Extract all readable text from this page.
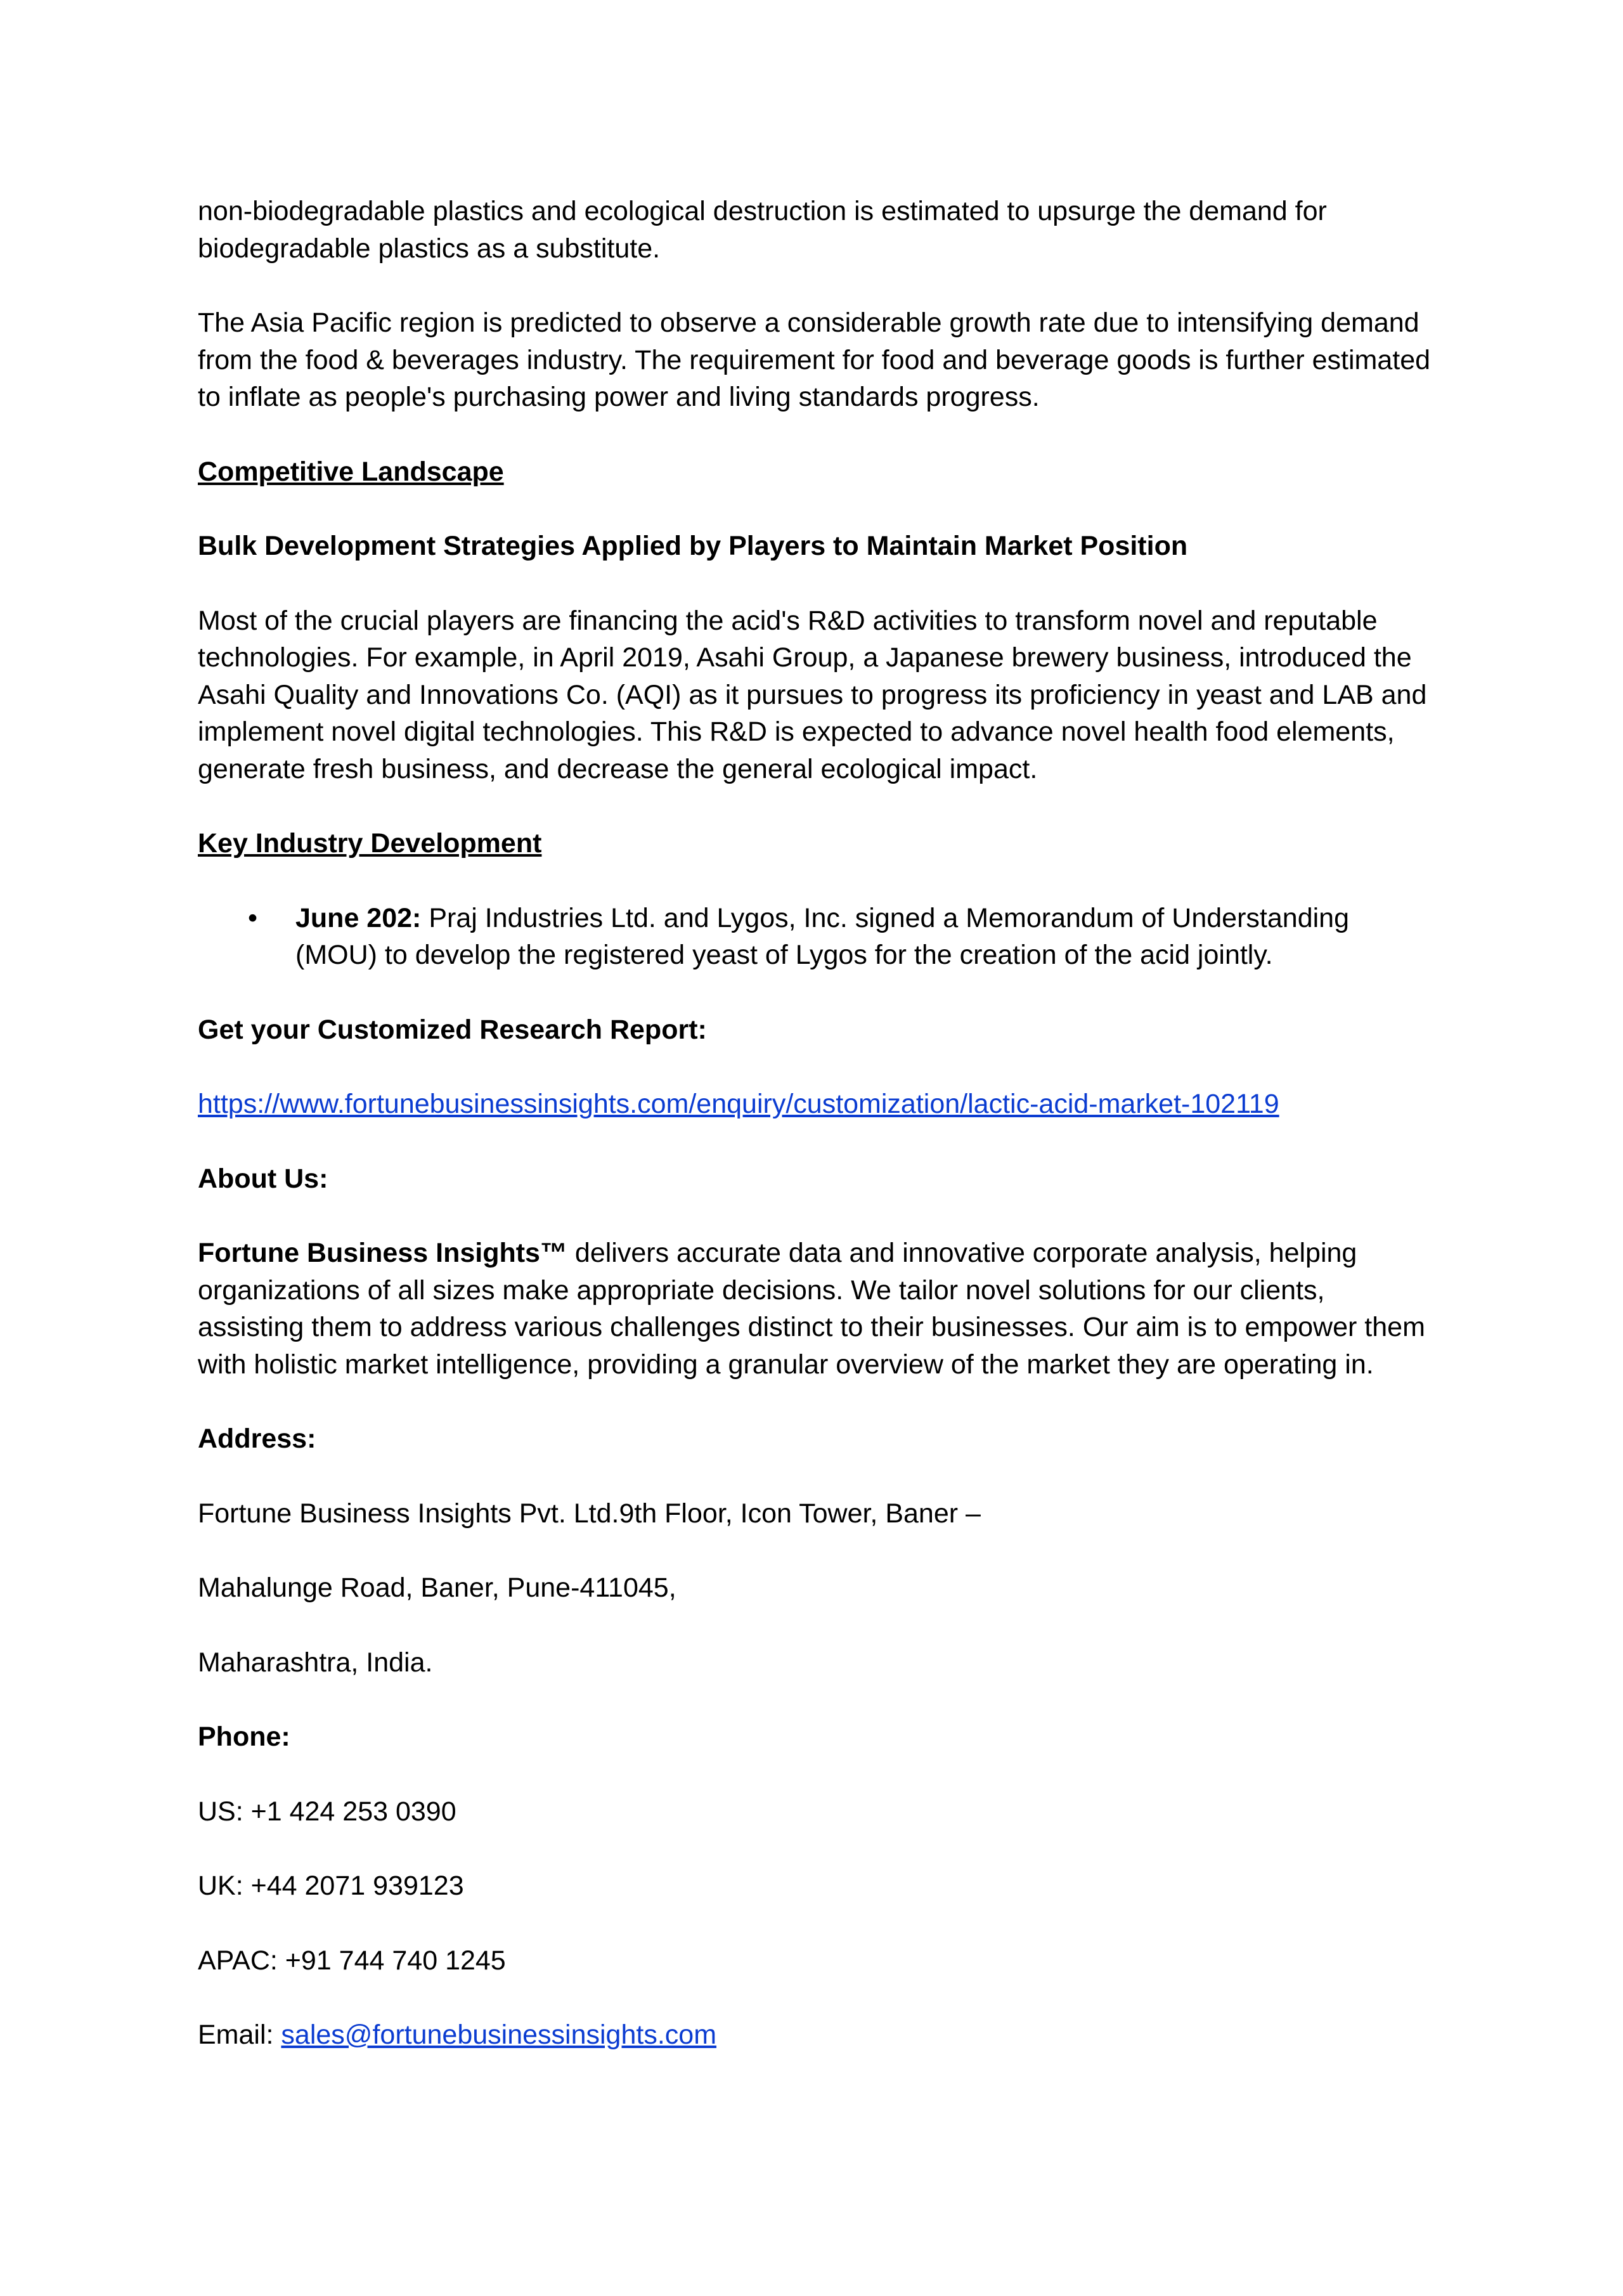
non-biodegradable plastics and ecological destruction is estimated to upsurge the demand for biodegradable plastics as a substitute.

The Asia Pacific region is predicted to observe a considerable growth rate due to intensifying demand from the food & beverages industry. The requirement for food and beverage goods is further estimated to inflate as people's purchasing power and living standards progress.

Competitive Landscape

Bulk Development Strategies Applied by Players to Maintain Market Position

Most of the crucial players are financing the acid's R&D activities to transform novel and reputable technologies. For example, in April 2019, Asahi Group, a Japanese brewery business, introduced the Asahi Quality and Innovations Co. (AQI) as it pursues to progress its proficiency in yeast and LAB and implement novel digital technologies. This R&D is expected to advance novel health food elements, generate fresh business, and decrease the general ecological impact.

Key Industry Development

• June 202: Praj Industries Ltd. and Lygos, Inc. signed a Memorandum of Understanding (MOU) to develop the registered yeast of Lygos for the creation of the acid jointly.

Get your Customized Research Report:

https://www.fortunebusinessinsights.com/enquiry/customization/lactic-acid-market-102119

About Us:

Fortune Business Insights™ delivers accurate data and innovative corporate analysis, helping organizations of all sizes make appropriate decisions. We tailor novel solutions for our clients, assisting them to address various challenges distinct to their businesses. Our aim is to empower them with holistic market intelligence, providing a granular overview of the market they are operating in.

Address:

Fortune Business Insights Pvt. Ltd.9th Floor, Icon Tower, Baner –

Mahalunge Road, Baner, Pune-411045,

Maharashtra, India.

Phone:

US: +1 424 253 0390

UK: +44 2071 939123

APAC: +91 744 740 1245

Email: sales@fortunebusinessinsights.com
